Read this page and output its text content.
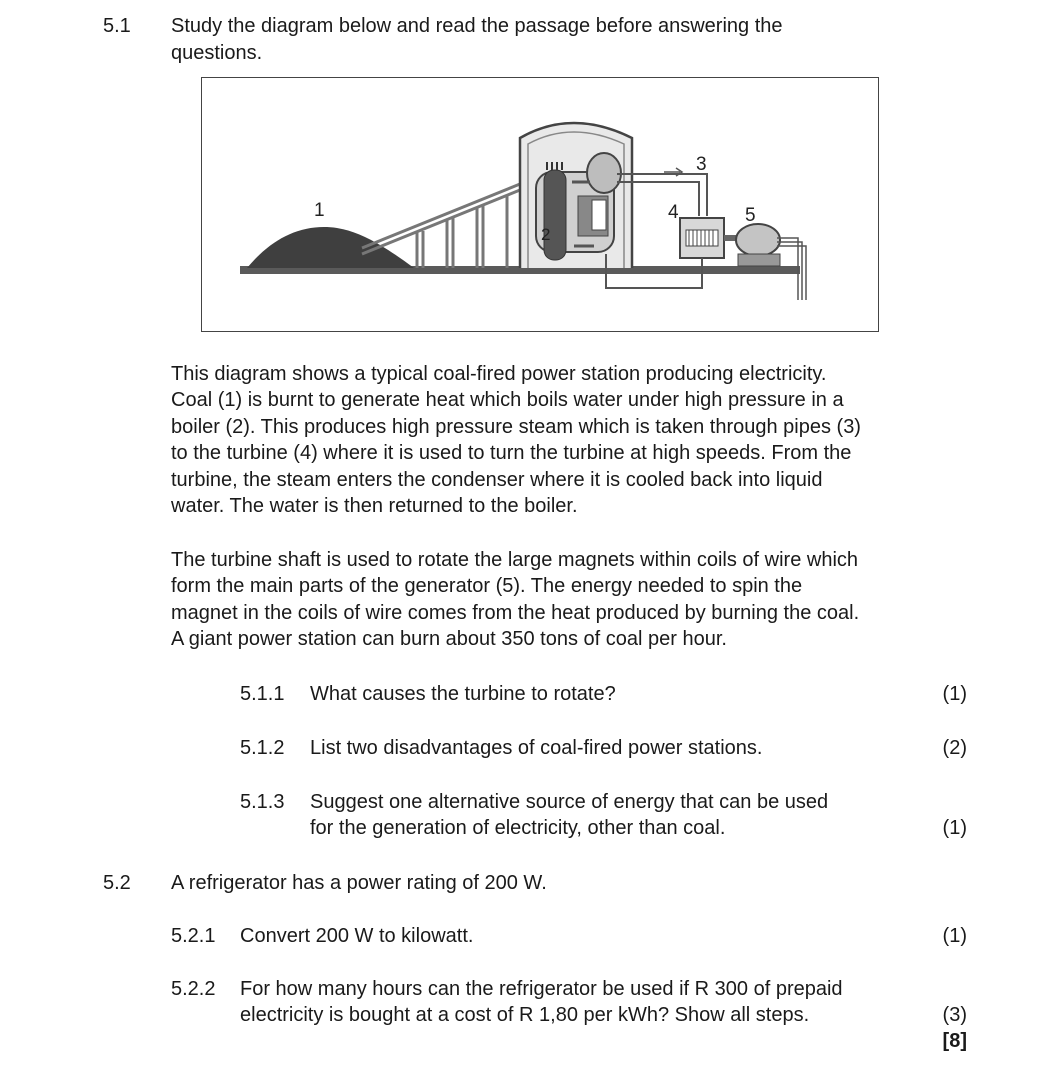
5.1 Study the diagram below and read the passage before answering the
questions.
1
2
3
4	5
This diagram shows a typical coal-fired power station producing electricity.
Coal (1) is burnt to generate heat which boils water under high pressure in a
boiler (2). This produces high pressure steam which is taken through pipes (3)
to the turbine (4) where it is used to turn the turbine at high speeds. From the
turbine, the steam enters the condenser where it is cooled back into liquid
water. The water is then returned to the boiler.
The turbine shaft is used to rotate the large magnets within coils of wire which
form the main parts of the generator (5). The energy needed to spin the
magnet in the coils of wire comes from the heat produced by burning the coal.
A giant power station can burn about 350 tons of coal per hour.
5.1.1 What causes the turbine to rotate?	(1)
5.1.2 List two disadvantages of coal-fired power stations.	(2)
5.1.3 Suggest one alternative source of energy that can be used
for the generation of electricity, other than coal.	(1)
5.2 A refrigerator has a power rating of 200 W.
5.2.1 Convert 200 W to kilowatt.	(1)
5.2.2 For how many hours can the refrigerator be used if R 300 of prepaid
electricity is bought at a cost of R 1,80 per kWh? Show all steps.	(3)
[8]
